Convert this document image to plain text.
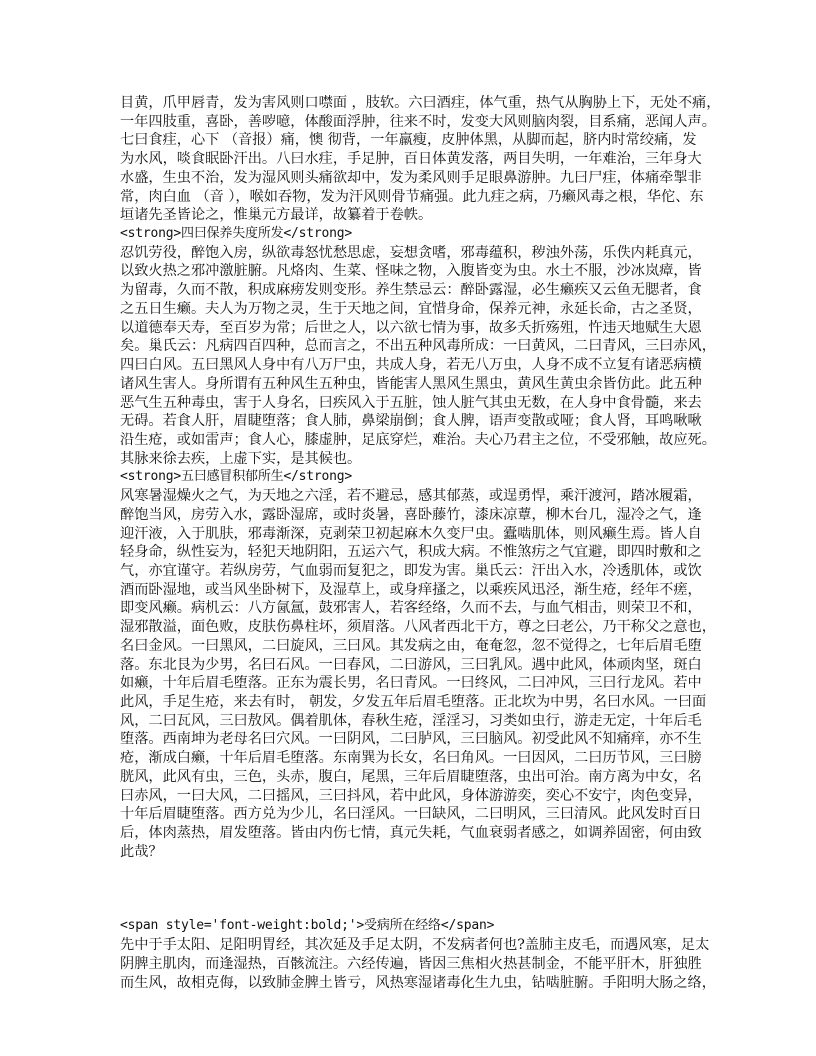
目黄，爪甲唇青，发为害风则口噤面 ，肢软。六曰酒疰，体气重，热气从胸胁上下，无处不痛，
一年四肢重，喜卧，善哕噫，体酸面浮肿，往来不时，发变大风则脑肉裂，目系痛，恶闻人声。
七曰食疰，心下 （音报）痛，懊 彻背，一年羸瘦，皮肿体黑，从脚而起，脐内时常绞痛，发
为水风，啖食眠卧汗出。八曰水疰，手足肿，百日体黄发落，两目失明，一年难治，三年身大
水盛，生虫不治，发为湿风则头痛欲却中，发为柔风则手足眼鼻游肿。九曰尸疰，体痛牵掣非
常，肉白血 （音 ），喉如吞物，发为汗风则骨节痛强。此九疰之病，乃癞风毒之根，华佗、东
垣诸先圣皆论之，惟巢元方最详，故纂着于卷帙。
<strong>四曰保养失度所发</strong>
忍饥劳役，醉饱入房，纵欲毒怒忧愁思虑，妄想贪嗜，邪毒蕴积，秽浊外荡，乐佚内耗真元，
以致火热之邪冲激脏腑。凡烙肉、生菜、怪味之物，入腹皆变为虫。水土不服，沙冰岚瘴，皆
为留毒，久而不散，积成麻痨发则变形。养生禁忌云：醉卧露湿，必生癞疾又云鱼无腮者，食
之五日生癞。夫人为万物之灵，生于天地之间，宜惜身命，保养元神，永延长命，古之圣贤，
以道德奉天寿，至百岁为常；后世之人，以六欲七情为事，故多夭折殇殂，忤违天地赋生大恩
矣。巢氏云：凡病四百四种，总而言之，不出五种风毒所成：一曰黄风，二曰青风，三曰赤风，
四曰白风。五曰黑风人身中有八万尸虫，共成人身，若无八万虫，人身不成不立复有诸恶病横
诸风生害人。身所谓有五种风生五种虫，皆能害人黑风生黑虫，黄风生黄虫余皆仿此。此五种
恶气生五种毒虫，害于人身名，曰疾风入于五脏，蚀人脏气其虫无数，在人身中食骨髓，来去
无碍。若食人肝，眉睫堕落；食人肺，鼻梁崩倒；食人脾，语声变散或哑；食人肾，耳鸣啾啾
沿生疮，或如雷声；食人心，膝虚肿，足底穿烂，难治。夫心乃君主之位，不受邪触，故应死。
其脉来徐去疾，上虚下实，是其候也。
<strong>五曰感冒积郁所生</strong>
风寒暑湿燥火之气，为天地之六淫，若不避忌，感其郁蒸，或逞勇悍，乘汗渡河，踏冰履霜，
醉饱当风，房劳入水，露卧湿席，或时炎暑，喜卧藤竹，漆床凉蕈，柳木台几，湿冷之气，逢
迎汗液，入于肌肤，邪毒渐深，克剥荣卫初起麻木久变尸虫。蠹啮肌体，则风癞生焉。皆人自
轻身命，纵性妄为，轻犯天地阴阳，五运六气，积成大病。不惟煞疠之气宜避，即四时敷和之
气，亦宜谨守。若纵房劳，气血弱而复犯之，即发为害。巢氏云：汗出入水，冷透肌体，或饮
酒而卧湿地，或当风坐卧树下，及湿草上，或身痒搔之，以乘疾风迅泾，渐生疮，经年不瘥，
即变风癞。病机云：八方氤氲，鼓邪害人，若客经络，久而不去，与血气相击，则荣卫不和，
湿邪散溢，面色败，皮肤伤鼻柱坏，须眉落。八风者西北干方，尊之曰老公，乃干称父之意也，
名曰金风。一曰黑风，二曰旋风，三曰风。其发病之由，奄奄忽，忽不觉得之，七年后眉毛堕
落。东北艮为少男，名曰石风。一曰春风，二曰游风，三曰乳风。遇中此风，体顽肉坚，斑白
如癞，十年后眉毛堕落。正东为震长男，名曰青风。一曰终风，二曰冲风，三曰行龙风。若中
此风，手足生疮，来去有时， 朝发，夕发五年后眉毛堕落。正北坎为中男，名曰水风。一曰面
风，二曰瓦风，三曰敖风。偶着肌体，春秋生疮，淫淫习，习类如虫行，游走无定，十年后毛
堕落。西南坤为老母名曰穴风。一曰阴风，二曰胪风，三曰脑风。初受此风不知痛痒，亦不生
疮，渐成白癞，十年后眉毛堕落。东南巽为长女，名曰角风。一曰因风，二曰历节风，三曰膀
胱风，此风有虫，三色，头赤，腹白，尾黑，三年后眉睫堕落，虫出可治。南方离为中女，名
曰赤风，一曰大风，二曰摇风，三曰抖风，若中此风，身体游游奕，奕心不安宁，肉色变异，
十年后眉睫堕落。西方兑为少儿，名曰淫风。一曰缺风，二曰明风，三曰清风。此风发时百日
后，体肉蒸热，眉发堕落。皆由内伤七情，真元失耗，气血衰弱者感之，如调养固密，何由致
此哉？
<span style='font-weight:bold;'>受病所在经络</span>
先中于手太阳、足阳明胃经，其次延及手足太阴，不发病者何也?盖肺主皮毛，而遇风寒，足太
阴脾主肌肉，而逢湿热，百骸流注。六经传遍，皆因三焦相火热甚制金，不能平肝木，肝独胜
而生风，故相克侮，以致肺金脾土皆亏，风热寒湿诸毒化生九虫，钻啮脏腑。手阳明大肠之络，
